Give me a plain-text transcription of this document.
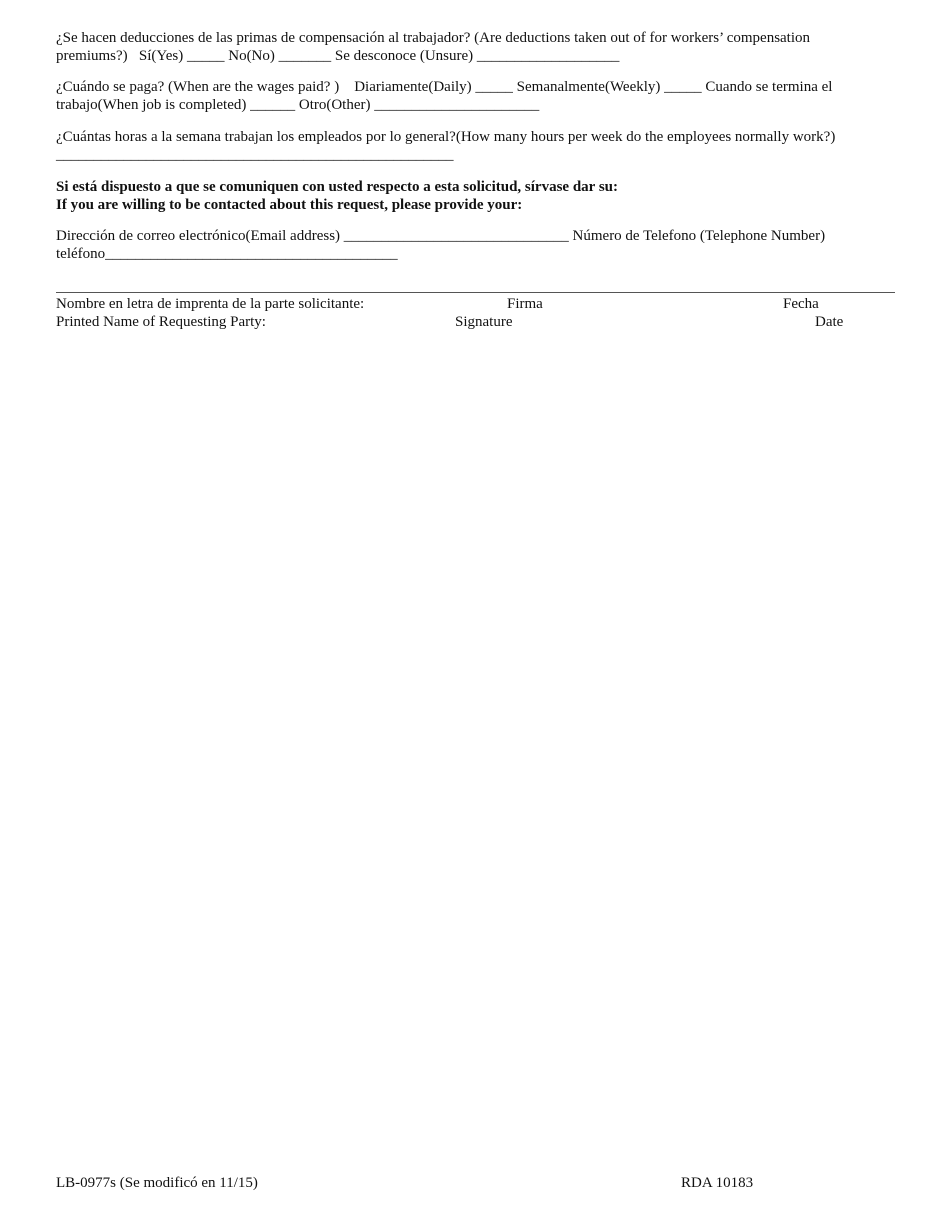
¿Se hacen deducciones de las primas de compensación al trabajador? (Are deductions taken out of for workers’ compensation
premiums?) Sí(Yes) _____ No(No) _______ Se desconoce (Unsure) ___________________
¿Cuándo se paga? (When are the wages paid? ) Diariamente(Daily) _____ Semanalmente(Weekly) _____ Cuando se termina el
trabajo(When job is completed) ______ Otro(Other) ______________________
¿Cuántas horas a la semana trabajan los empleados por lo general?(How many hours per week do the employees normally work?)
_____________________________________________________
Si está dispuesto a que se comuniquen con usted respecto a esta solicitud, sírvase dar su:
If you are willing to be contacted about this request, please provide your:
Dirección de correo electrónico(Email address) ______________________________ Número de Telefono (Telephone Number)
teléfono_______________________________________
Nombre en letra de imprenta de la parte solicitante:
Printed Name of Requesting Party:
Firma
Signature
Fecha
Date
LB-0977s (Se modificó en 11/15)	RDA 10183
